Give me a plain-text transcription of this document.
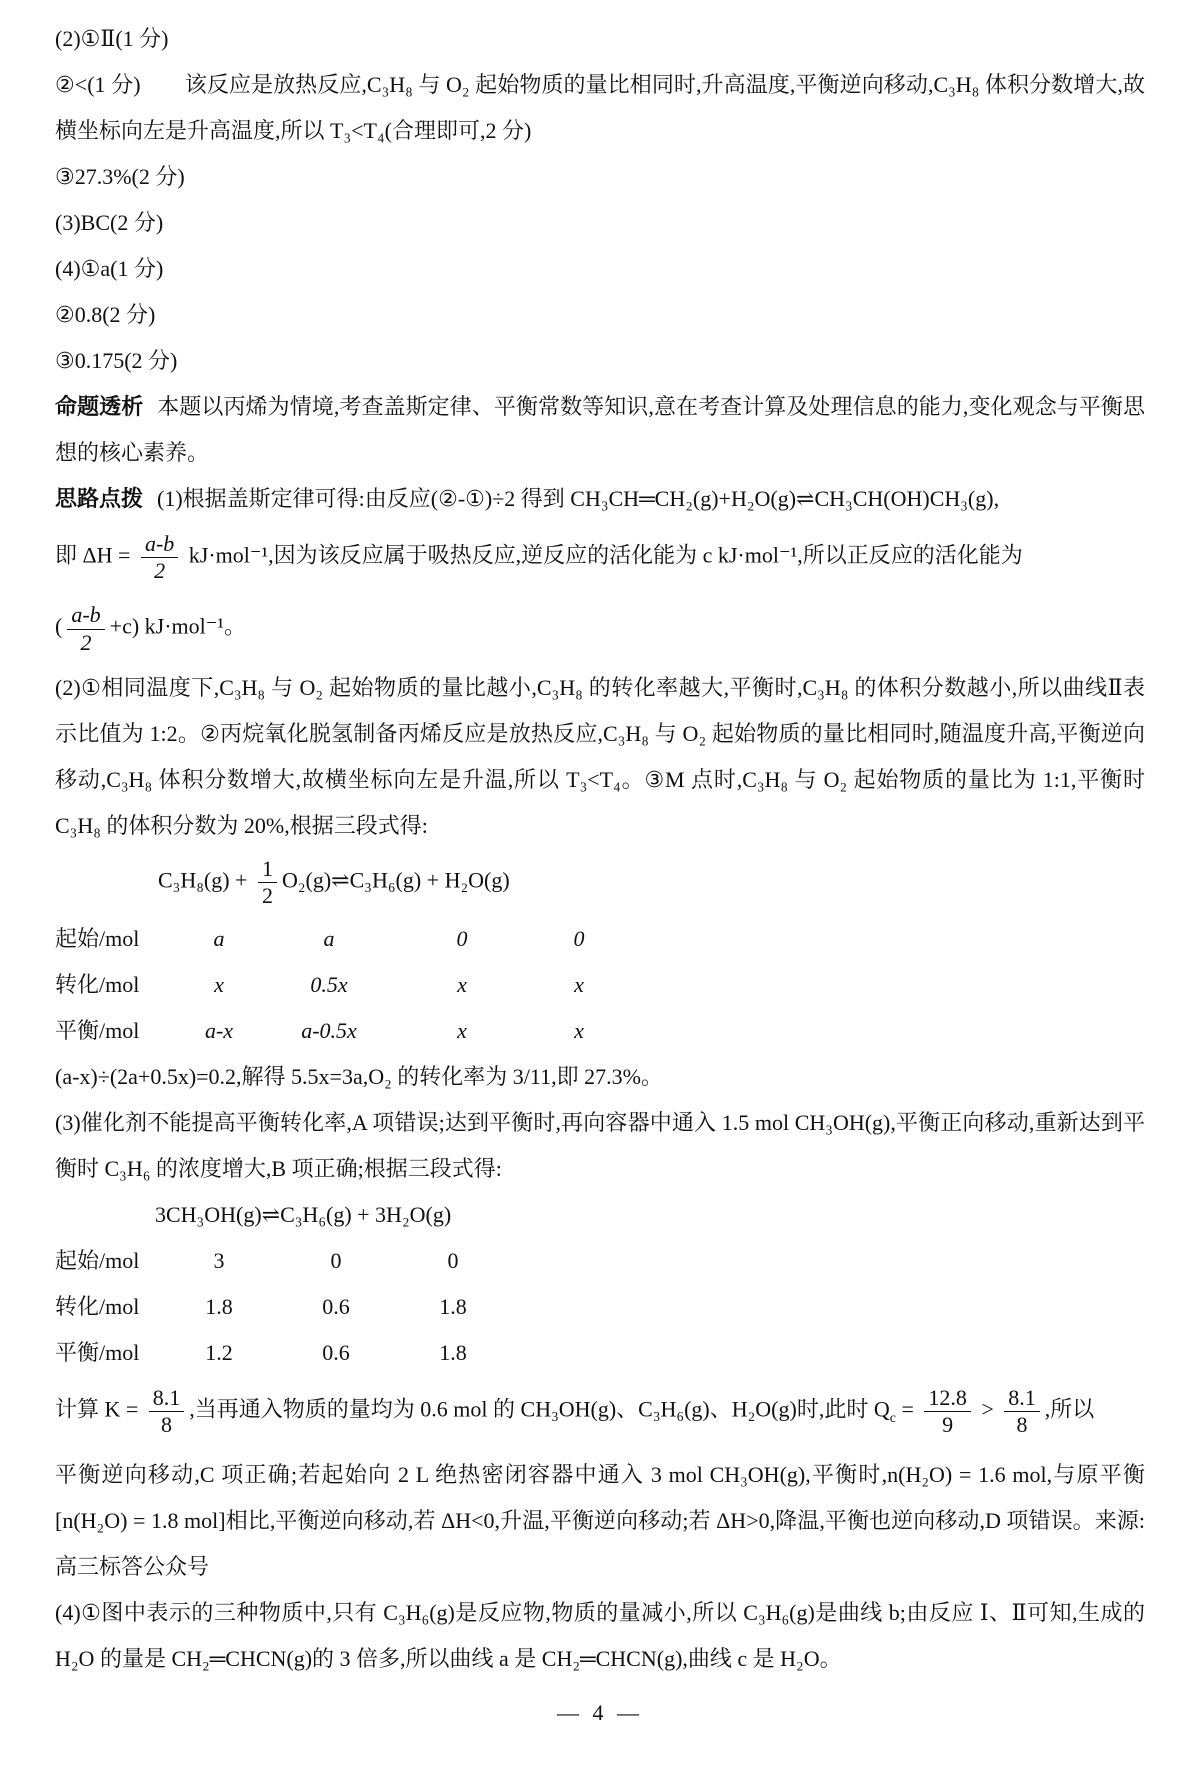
(2)①Ⅱ(1 分)

②<(1 分)　　该反应是放热反应,C₃H₈ 与 O₂ 起始物质的量比相同时,升高温度,平衡逆向移动,C₃H₈ 体积分数增大,故横坐标向左是升高温度,所以 T₃<T₄(合理即可,2 分)

③27.3%(2 分)

(3)BC(2 分)

(4)①a(1 分)

②0.8(2 分)

③0.175(2 分)

命题透析 本题以丙烯为情境,考查盖斯定律、平衡常数等知识,意在考查计算及处理信息的能力,变化观念与平衡思想的核心素养。

思路点拨 (1)根据盖斯定律可得:由反应(②-①)÷2 得到 CH₃CH═CH₂(g)+H₂O(g)⇌CH₃CH(OH)CH₃(g),

即 $\Delta H = \frac{a-b}{2} kJ\cdot mol^{-1}$,因为该反应属于吸热反应,逆反应的活化能为 c kJ·mol⁻¹,所以正反应的活化能为

( $\frac{a-b}{2} +c$) kJ·mol⁻¹。

(2)①相同温度下,C₃H₈ 与 O₂ 起始物质的量比越小,C₃H₈ 的转化率越大,平衡时,C₃H₈ 的体积分数越小,所以曲线Ⅱ表示比值为 1:2。②丙烷氧化脱氢制备丙烯反应是放热反应,C₃H₈ 与 O₂ 起始物质的量比相同时,随温度升高,平衡逆向移动,C₃H₈ 体积分数增大,故横坐标向左是升温,所以 T₃<T₄。③M 点时,C₃H₈ 与 O₂ 起始物质的量比为 1:1,平衡时 C₃H₈ 的体积分数为 20%,根据三段式得:

$C_3H_8(g) + \frac{1}{2}$ O₂(g)⇌C₃H₆(g) + H₂O(g)

起始/mol	a	a	0	0
转化/mol	x	0.5x	x	x
平衡/mol	a-x	a-0.5x	x	x

(a-x)÷(2a+0.5x)=0.2,解得 5.5x=3a,O₂ 的转化率为 3/11,即 27.3%。

(3)催化剂不能提高平衡转化率,A 项错误;达到平衡时,再向容器中通入 1.5 mol CH₃OH(g),平衡正向移动,重新达到平衡时 C₃H₆ 的浓度增大,B 项正确;根据三段式得:

3CH₃OH(g)⇌C₃H₆(g) + 3H₂O(g)

起始/mol	3	0	0
转化/mol	1.8	0.6	1.8
平衡/mol	1.2	0.6	1.8

计算 $K = \frac{8.1}{8}$ ,当再通入物质的量均为 0.6 mol 的 CH₃OH(g)、C₃H₆(g)、H₂O(g)时,此时 $Q_c = \frac{12.8}{9} > \frac{8.1}{8}$ ,所以

平衡逆向移动,C 项正确;若起始向 2 L 绝热密闭容器中通入 3 mol CH₃OH(g),平衡时,n(H₂O) = 1.6 mol,与原平衡[n(H₂O) = 1.8 mol]相比,平衡逆向移动,若 ΔH<0,升温,平衡逆向移动;若 ΔH>0,降温,平衡也逆向移动,D 项错误。来源: 高三标答公众号

(4)①图中表示的三种物质中,只有 C₃H₆(g)是反应物,物质的量减小,所以 C₃H₆(g)是曲线 b;由反应 Ⅰ、Ⅱ可知,生成的 H₂O 的量是 CH₂═CHCN(g)的 3 倍多,所以曲线 a 是 CH₂═CHCN(g),曲线 c 是 H₂O。

— 4 —
